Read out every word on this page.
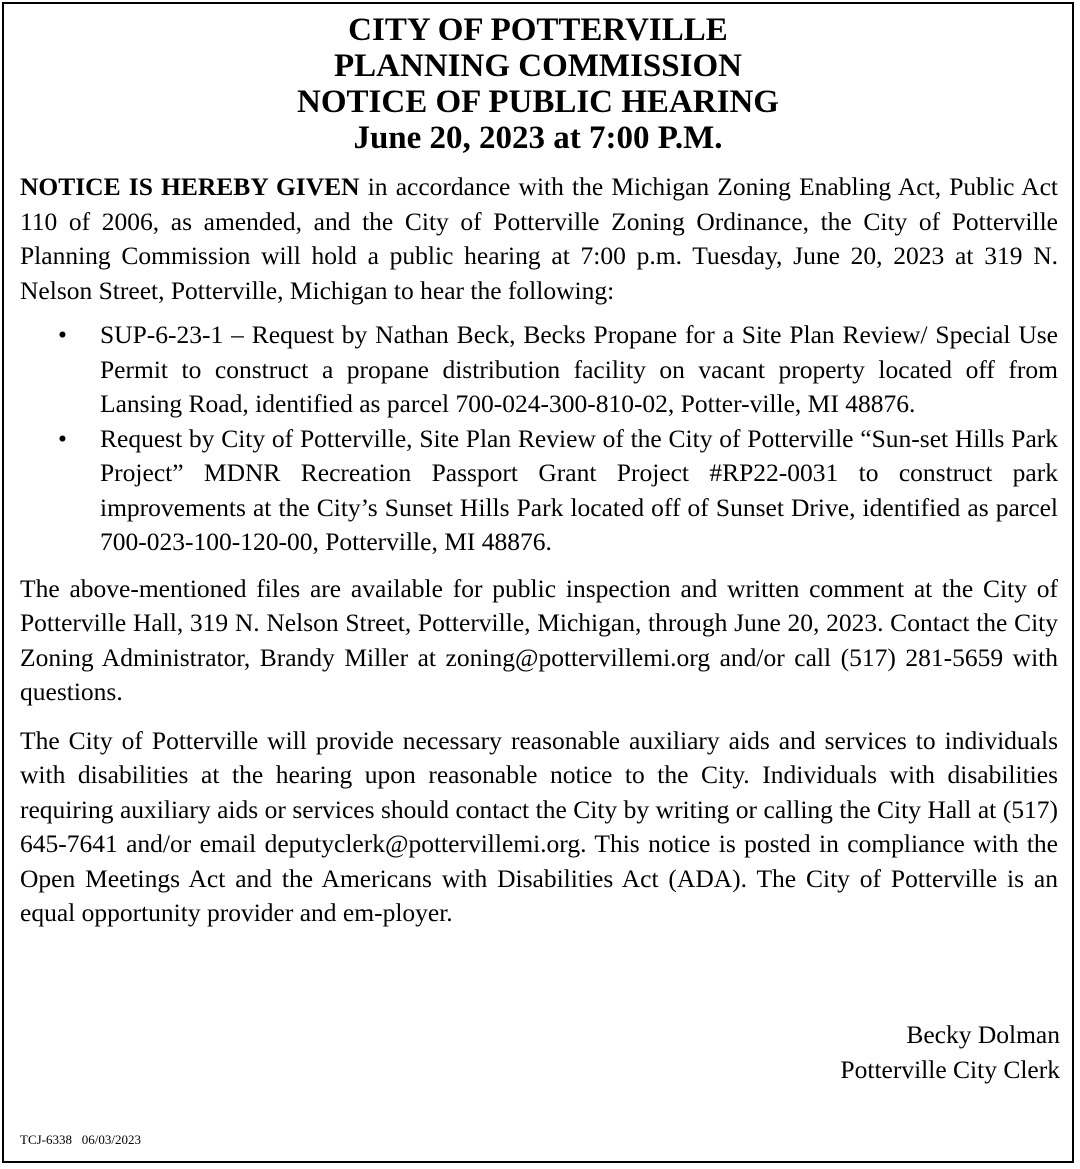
CITY OF POTTERVILLE
PLANNING COMMISSION
NOTICE OF PUBLIC HEARING
June 20, 2023 at 7:00 P.M.

NOTICE IS HEREBY GIVEN in accordance with the Michigan Zoning Enabling Act, Public Act 110 of 2006, as amended, and the City of Potterville Zoning Ordinance, the City of Potterville Planning Commission will hold a public hearing at 7:00 p.m. Tuesday, June 20, 2023 at 319 N. Nelson Street, Potterville, Michigan to hear the following:

• SUP-6-23-1 – Request by Nathan Beck, Becks Propane for a Site Plan Review/ Special Use Permit to construct a propane distribution facility on vacant property located off from Lansing Road, identified as parcel 700-024-300-810-02, Potter-ville, MI 48876.
• Request by City of Potterville, Site Plan Review of the City of Potterville “Sun-set Hills Park Project” MDNR Recreation Passport Grant Project #RP22-0031 to construct park improvements at the City’s Sunset Hills Park located off of Sunset Drive, identified as parcel 700-023-100-120-00, Potterville, MI 48876.

The above-mentioned files are available for public inspection and written comment at the City of Potterville Hall, 319 N. Nelson Street, Potterville, Michigan, through June 20, 2023. Contact the City Zoning Administrator, Brandy Miller at zoning@pottervillemi.org and/or call (517) 281-5659 with questions.

The City of Potterville will provide necessary reasonable auxiliary aids and services to individuals with disabilities at the hearing upon reasonable notice to the City. Individuals with disabilities requiring auxiliary aids or services should contact the City by writing or calling the City Hall at (517) 645-7641 and/or email deputyclerk@pottervillemi.org. This notice is posted in compliance with the Open Meetings Act and the Americans with Disabilities Act (ADA). The City of Potterville is an equal opportunity provider and em-ployer.

Becky Dolman
Potterville City Clerk
TCJ-6338 06/03/2023
